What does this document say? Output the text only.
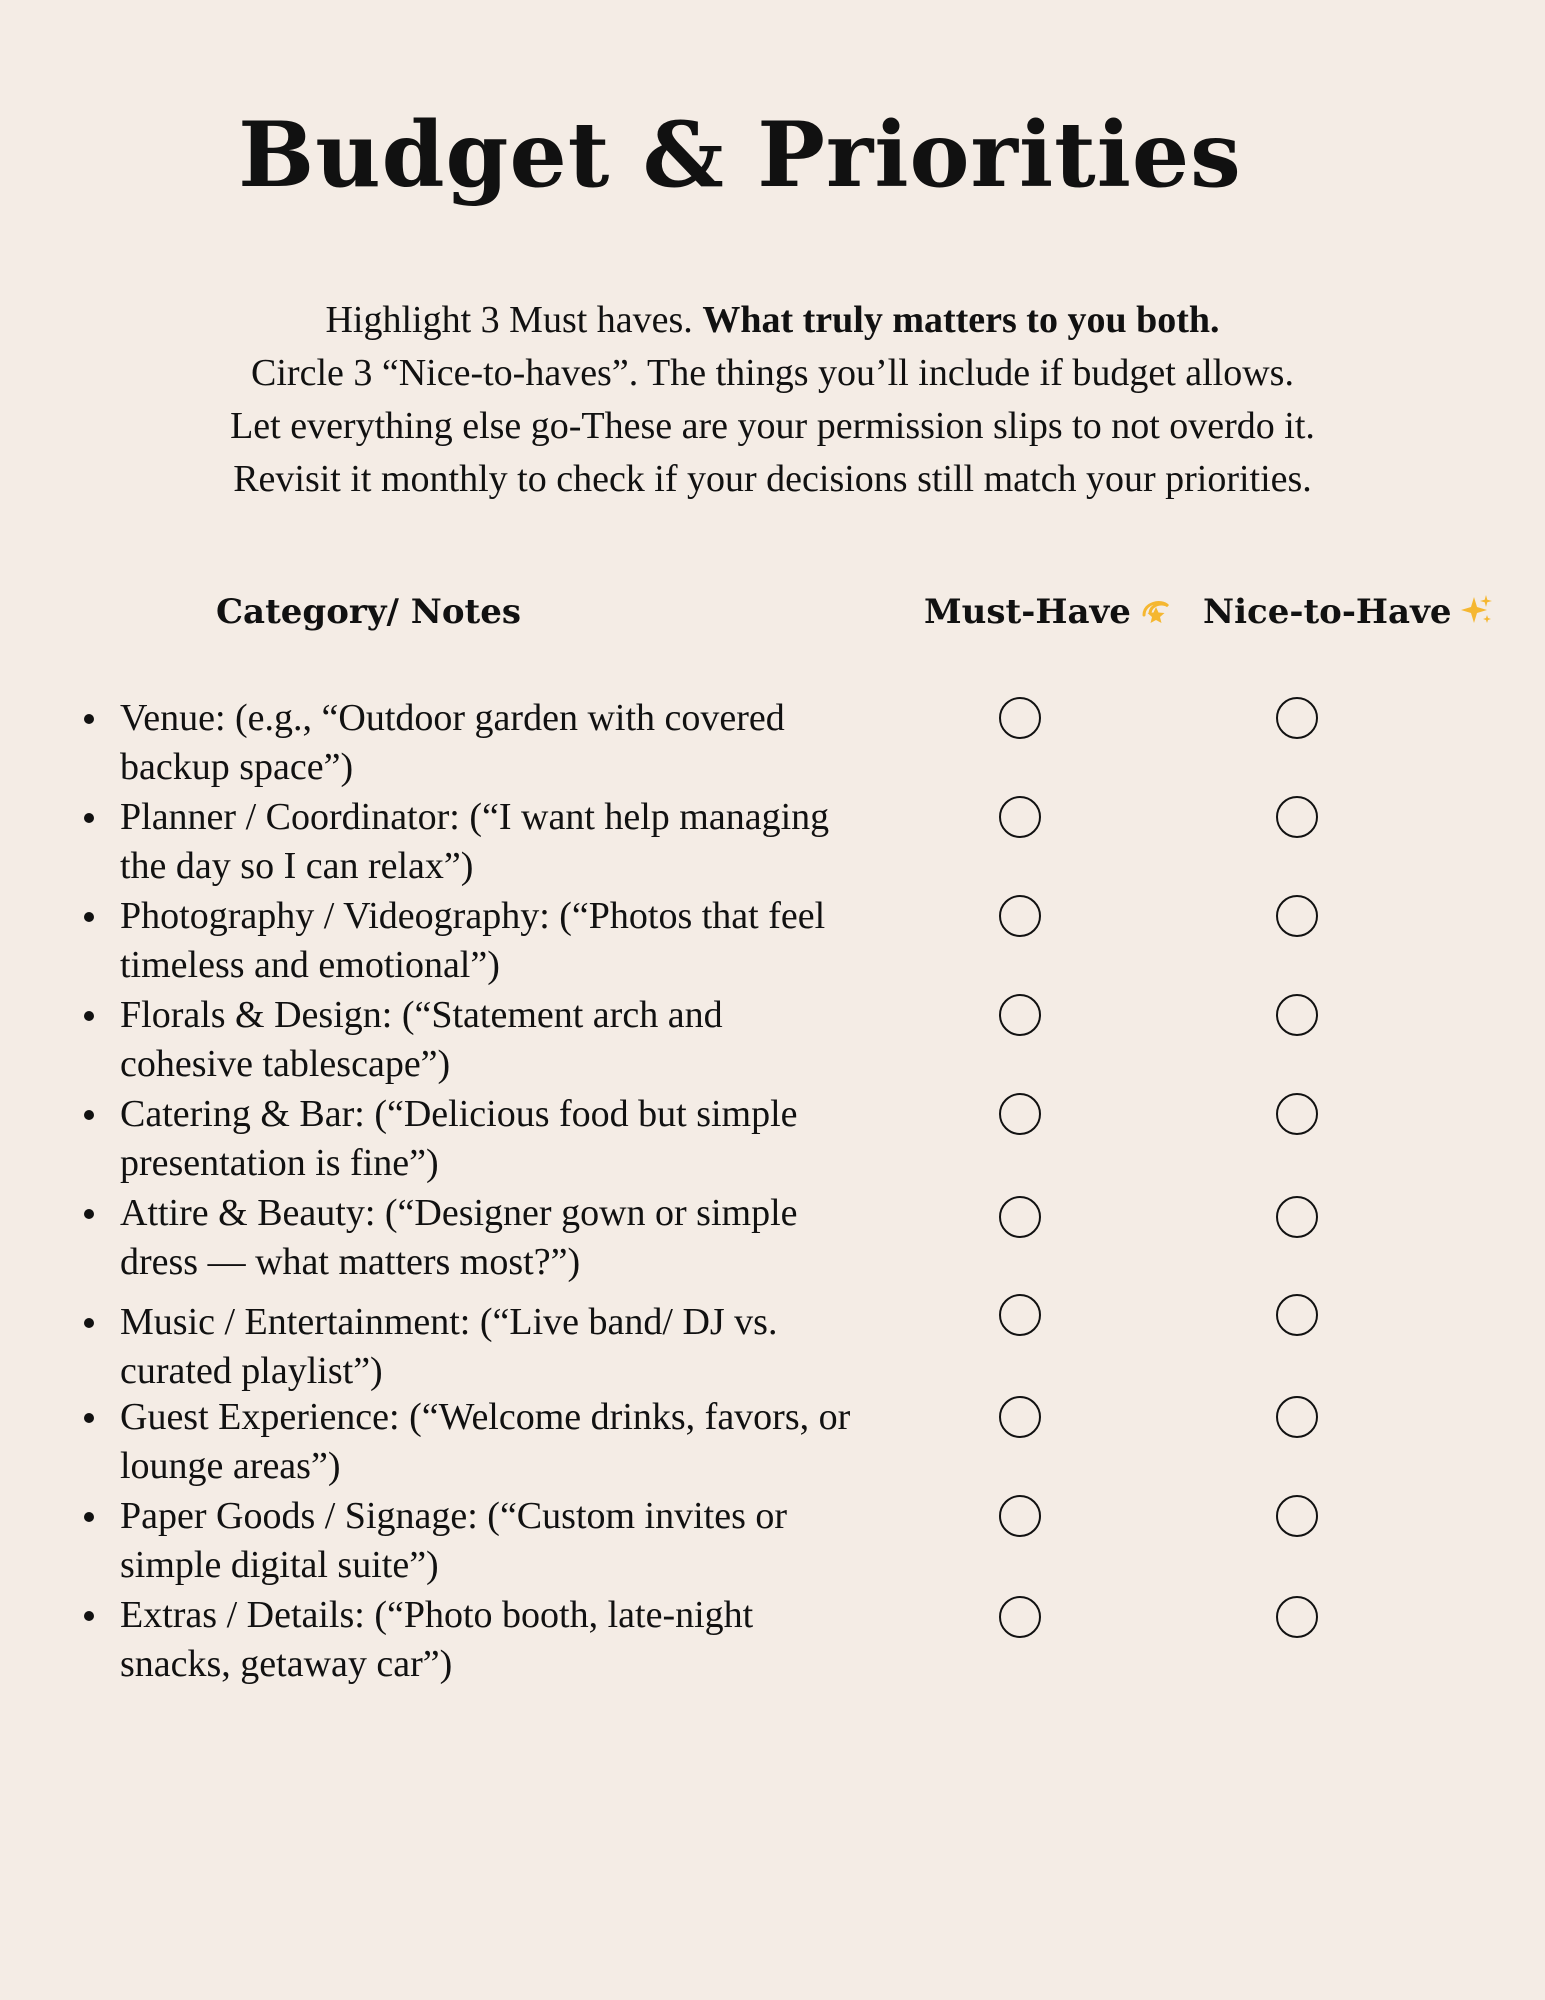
Budget & Priorities
Highlight 3 Must haves. What truly matters to you both.
Circle 3 “Nice-to-haves”. The things you’ll include if budget allows.
Let everything else go-These are your permission slips to not overdo it.
Revisit it monthly to check if your decisions still match your priorities.
Category/ Notes	Must-Have	Nice-to-Have
Venue: (e.g., “Outdoor garden with covered
backup space”)
Planner / Coordinator: (“I want help managing
the day so I can relax”)
Photography / Videography: (“Photos that feel
timeless and emotional”)
Florals & Design: (“Statement arch and
cohesive tablescape”)
Catering & Bar: (“Delicious food but simple
presentation is fine”)
Attire & Beauty: (“Designer gown or simple
dress — what matters most?”)
Music / Entertainment: (“Live band/ DJ vs.
curated playlist”)
Guest Experience: (“Welcome drinks, favors, or
lounge areas”)
Paper Goods / Signage: (“Custom invites or
simple digital suite”)
Extras / Details: (“Photo booth, late-night
snacks, getaway car”)
